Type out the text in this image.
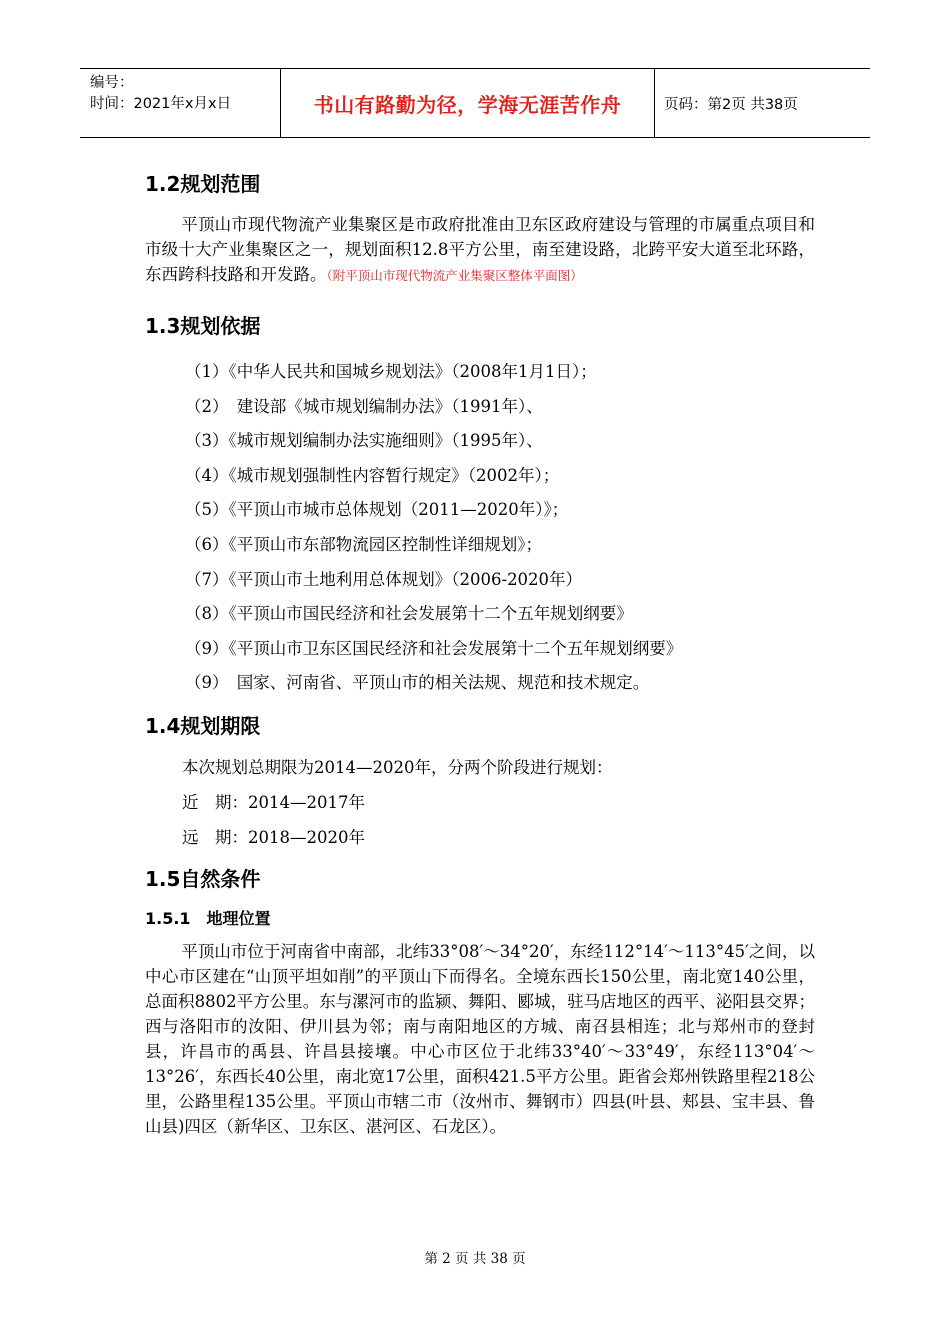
编号：
时间：2021年x月x日	书山有路勤为径，学海无涯苦作舟	页码：第2页 共38页
1.2规划范围

平顶山市现代物流产业集聚区是市政府批准由卫东区政府建设与管理的市属重点项目和市级十大产业集聚区之一，规划面积12.8平方公里，南至建设路，北跨平安大道至北环路，东西跨科技路和开发路。（附平顶山市现代物流产业集聚区整体平面图）

1.3规划依据

（1）《中华人民共和国城乡规划法》（2008年1月1日）；

（2）　建设部《城市规划编制办法》（1991年）、

（3）《城市规划编制办法实施细则》（1995年）、

（4）《城市规划强制性内容暂行规定》（2002年）；

（5）《平顶山市城市总体规划（2011—2020年）》；

（6）《平顶山市东部物流园区控制性详细规划》；

（7）《平顶山市土地利用总体规划》（2006-2020年）

（8）《平顶山市国民经济和社会发展第十二个五年规划纲要》

（9）《平顶山市卫东区国民经济和社会发展第十二个五年规划纲要》

（9）　国家、河南省、平顶山市的相关法规、规范和技术规定。

1.4规划期限

本次规划总期限为2014—2020年，分两个阶段进行规划：

近　期：2014—2017年

远　期：2018—2020年

1.5自然条件
1.5.1　地理位置

平顶山市位于河南省中南部，北纬33°08′～34°20′，东经112°14′～113°45′之间，以中心市区建在“山顶平坦如削”的平顶山下而得名。全境东西长150公里，南北宽140公里，总面积8802平方公里。东与漯河市的监颍、舞阳、郾城，驻马店地区的西平、泌阳县交界；西与洛阳市的汝阳、伊川县为邻；南与南阳地区的方城、南召县相连；北与郑州市的登封县，许昌市的禹县、许昌县接壤。中心市区位于北纬33°40′～33°49′，东经113°04′～13°26′，东西长40公里，南北宽17公里，面积421.5平方公里。距省会郑州铁路里程218公里，公路里程135公里。平顶山市辖二市（汝州市、舞钢市）四县(叶县、郏县、宝丰县、鲁山县)四区（新华区、卫东区、湛河区、石龙区）。

第 2 页 共 38 页
